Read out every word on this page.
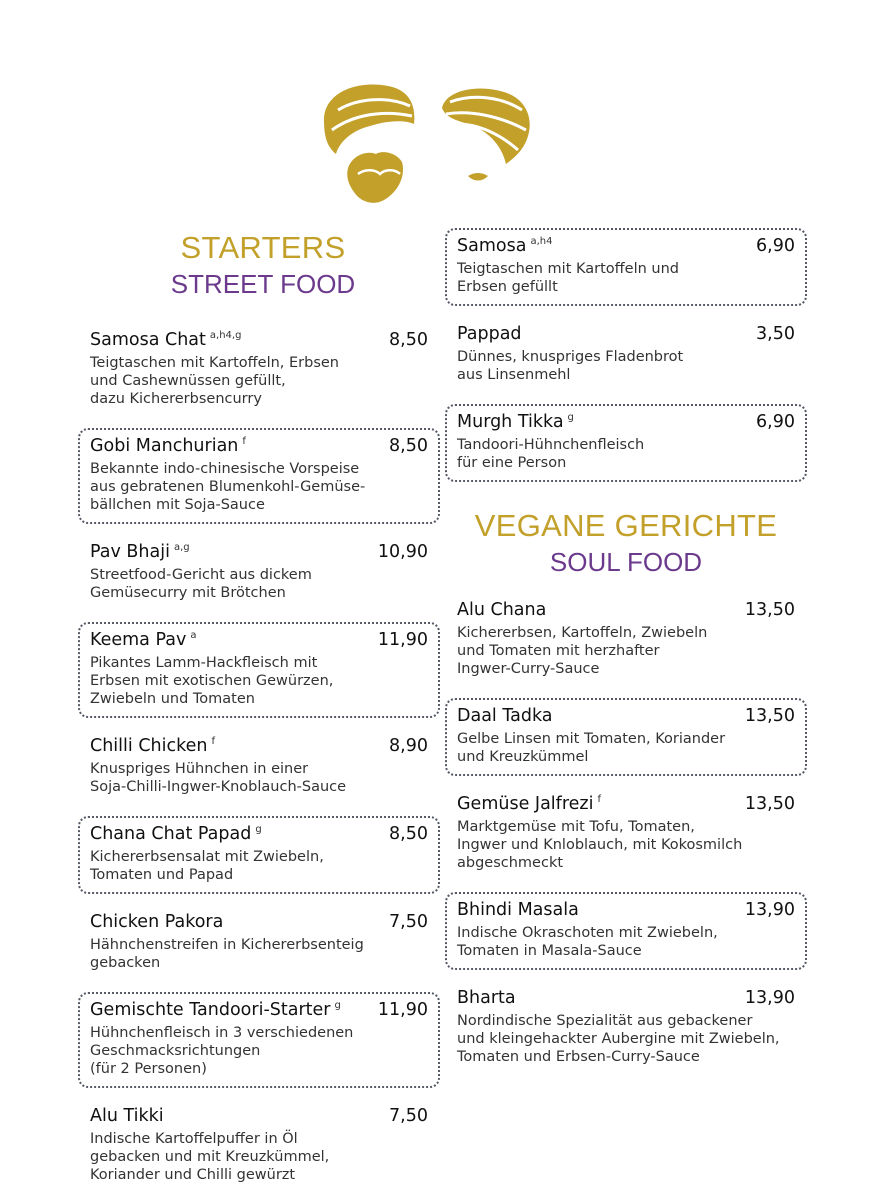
STARTERS
STREET FOOD
Samosa Chat $^{a,h4,g}$	8,50
Teigtaschen mit Kartoffeln, Erbsen
und Cashewnüssen gefüllt,
dazu Kichererbsencurry
Gobi Manchurian $^f$	8,50
Bekannte indo-chinesische Vorspeise
aus gebratenen Blumenkohl-Gemüse-
bällchen mit Soja-Sauce
Pav Bhaji $^{a,g}$	10,90
Streetfood-Gericht aus dickem
Gemüsecurry mit Brötchen
Keema Pav $^a$	11,90
Pikantes Lamm-Hackfleisch mit
Erbsen mit exotischen Gewürzen,
Zwiebeln und Tomaten
Chilli Chicken $^f$	8,90
Knuspriges Hühnchen in einer
Soja-Chilli-Ingwer-Knoblauch-Sauce
Chana Chat Papad $^g$	8,50
Kichererbsensalat mit Zwiebeln,
Tomaten und Papad
Chicken Pakora	7,50
Hähnchenstreifen in Kichererbsenteig
gebacken
Gemischte Tandoori-Starter $^g$ 11,90
Hühnchenfleisch in 3 verschiedenen
Geschmacksrichtungen
(für 2 Personen)
Alu Tikki	7,50
Indische Kartoffelpuffer in Öl
gebacken und mit Kreuzkümmel,
Koriander und Chilli gewürzt
Samosa $^{a,h4}$	6,90
Teigtaschen mit Kartoffeln und
Erbsen gefüllt
Pappad	3,50
Dünnes, knuspriges Fladenbrot
aus Linsenmehl
Murgh Tikka $^g$	6,90
Tandoori-Hühnchenfleisch
für eine Person
VEGANE GERICHTE
SOUL FOOD
Alu Chana	13,50
Kichererbsen, Kartoffeln, Zwiebeln
und Tomaten mit herzhafter
Ingwer-Curry-Sauce
Daal Tadka	13,50
Gelbe Linsen mit Tomaten, Koriander
und Kreuzkümmel
Gemüse Jalfrezi $^f$	13,50
Marktgemüse mit Tofu, Tomaten,
Ingwer und Knloblauch, mit Kokosmilch
abgeschmeckt
Bhindi Masala	13,90
Indische Okraschoten mit Zwiebeln,
Tomaten in Masala-Sauce
Bharta	13,90
Nordindische Spezialität aus gebackener
und kleingehackter Aubergine mit Zwiebeln,
Tomaten und Erbsen-Curry-Sauce
